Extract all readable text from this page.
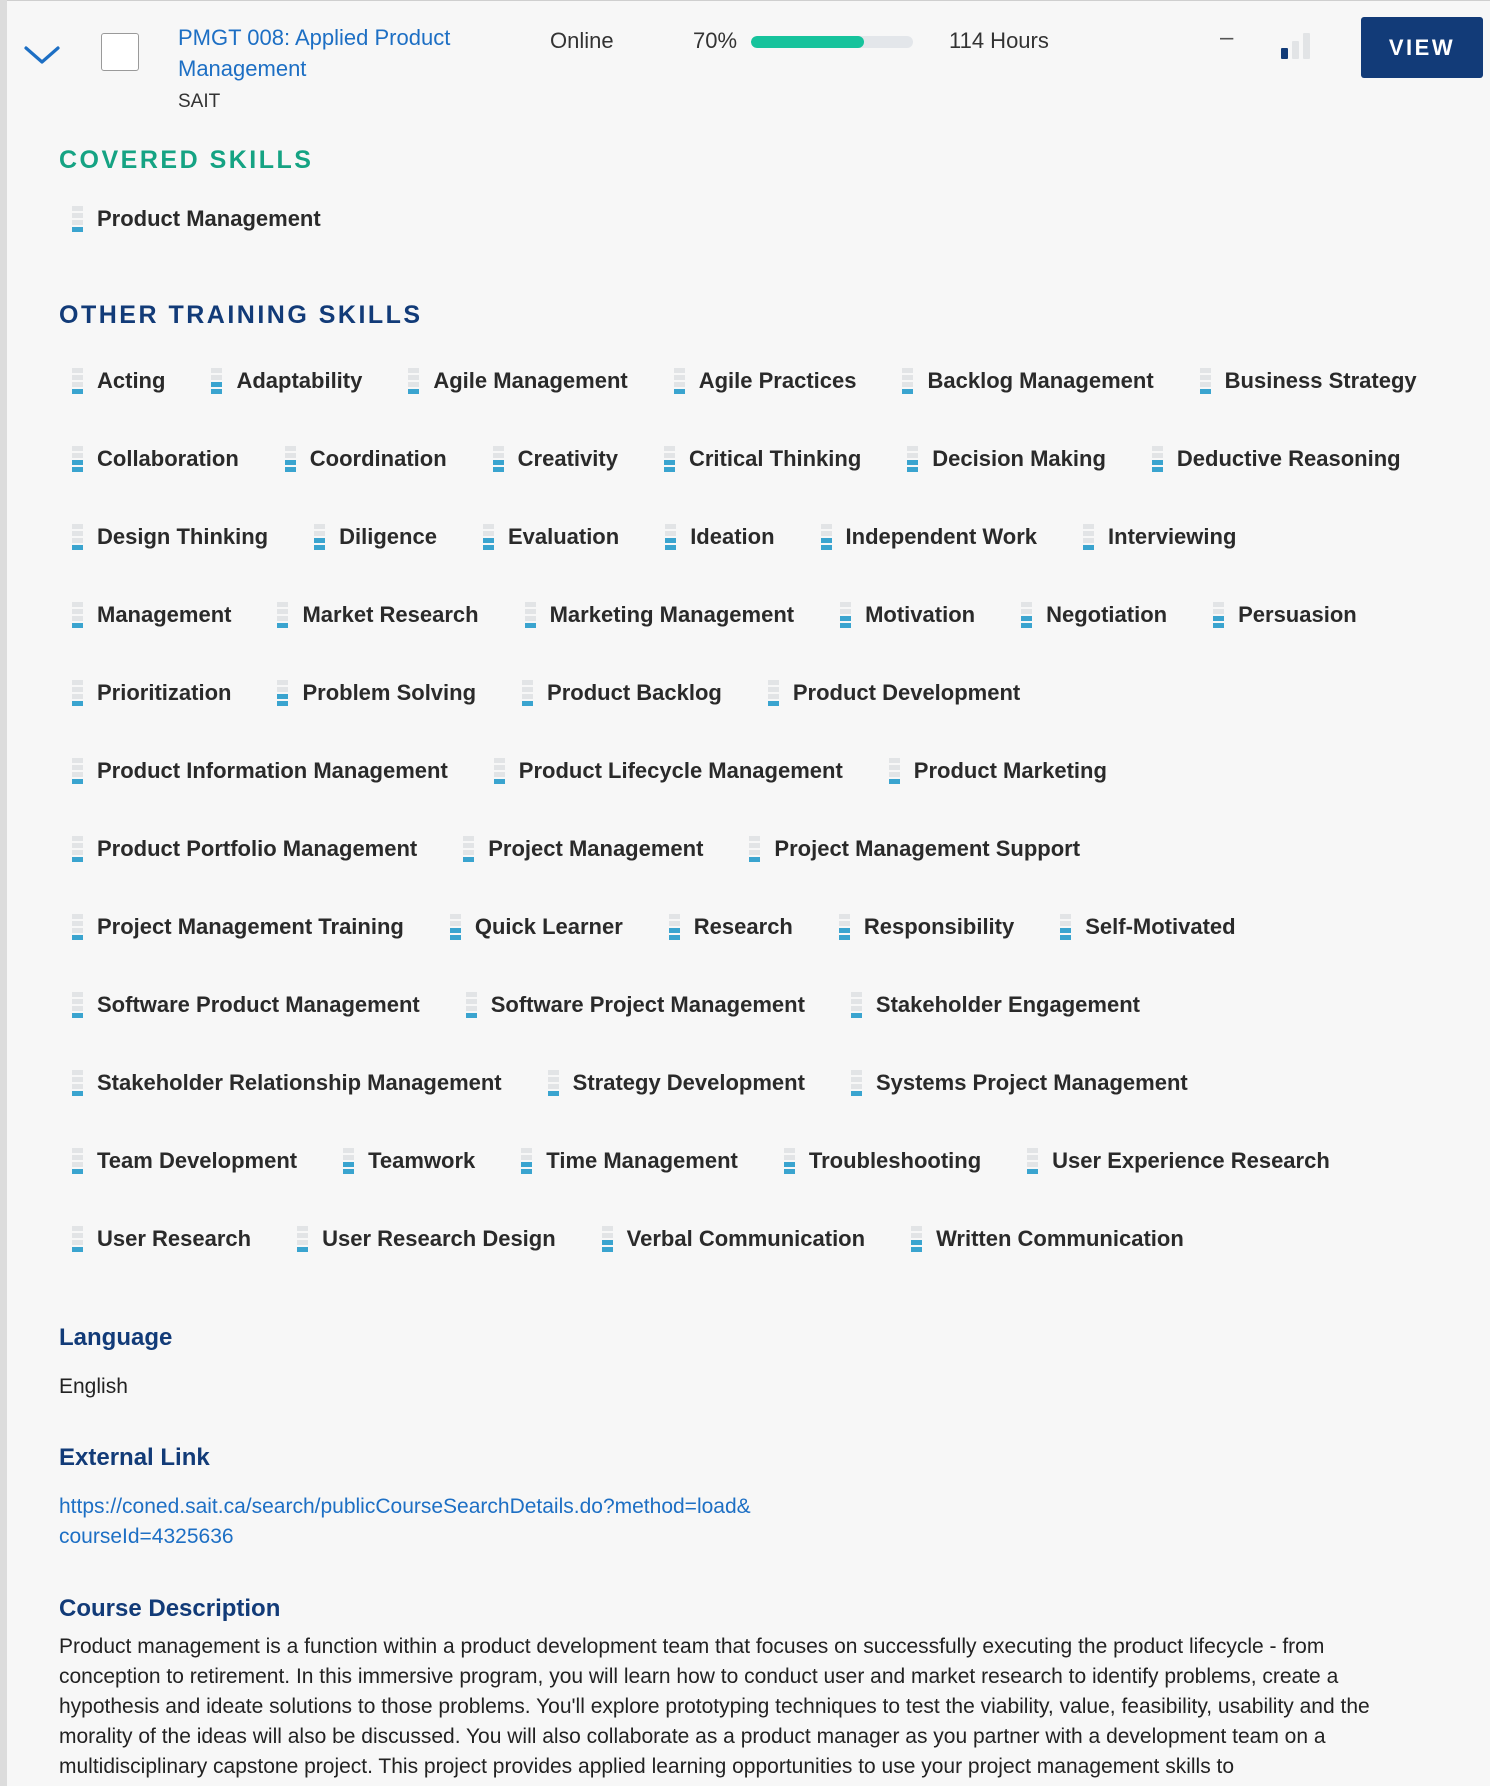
PMGT 008: Applied Product Management
SAIT
Online	70%	114 Hours	–	VIEW
COVERED SKILLS
Product Management
OTHER TRAINING SKILLS
Acting	Adaptability	Agile Management	Agile Practices	Backlog Management	Business Strategy
Collaboration	Coordination	Creativity	Critical Thinking	Decision Making	Deductive Reasoning
Design Thinking	Diligence	Evaluation	Ideation	Independent Work	Interviewing
Management	Market Research	Marketing Management	Motivation	Negotiation	Persuasion
Prioritization	Problem Solving	Product Backlog	Product Development
Product Information Management	Product Lifecycle Management	Product Marketing
Product Portfolio Management	Project Management	Project Management Support
Project Management Training	Quick Learner	Research	Responsibility	Self-Motivated
Software Product Management	Software Project Management	Stakeholder Engagement
Stakeholder Relationship Management	Strategy Development	Systems Project Management
Team Development	Teamwork	Time Management	Troubleshooting	User Experience Research
User Research	User Research Design	Verbal Communication	Written Communication
Language
English
External Link
https://coned.sait.ca/search/publicCourseSearchDetails.do?method=load&courseId=4325636
Course Description
Product management is a function within a product development team that focuses on successfully executing the product lifecycle - from conception to retirement. In this immersive program, you will learn how to conduct user and market research to identify problems, create a hypothesis and ideate solutions to those problems. You'll explore prototyping techniques to test the viability, value, feasibility, usability and the morality of the ideas will also be discussed. You will also collaborate as a product manager as you partner with a development team on a multidisciplinary capstone project. This project provides applied learning opportunities to use your project management skills to
